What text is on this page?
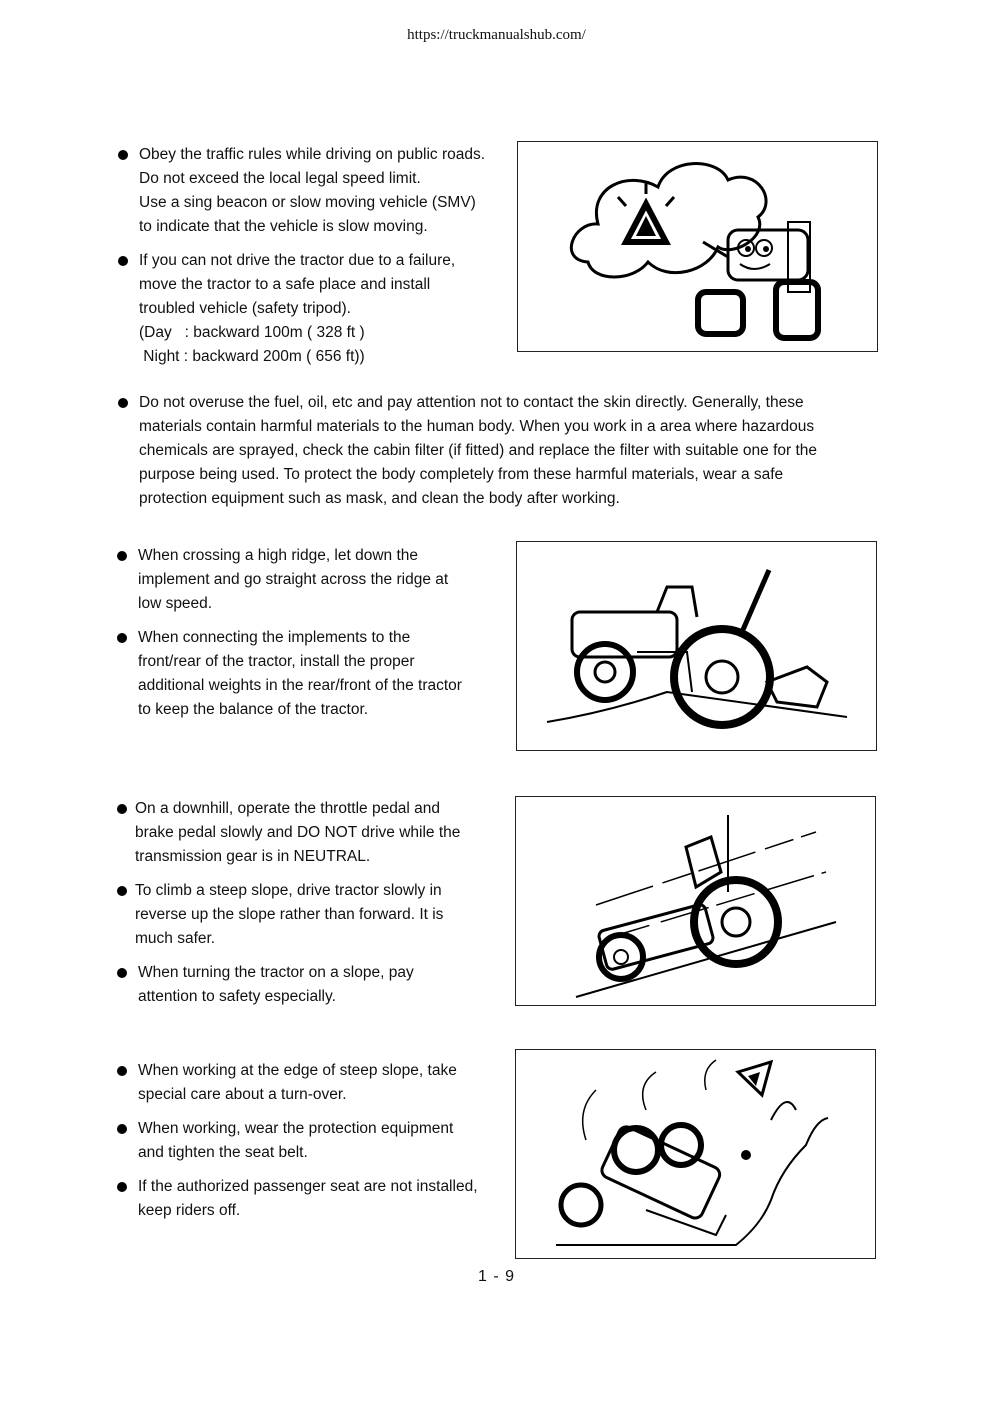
https://truckmanualshub.com/
Obey the traffic rules while driving on public roads.
Do not exceed the local legal speed limit.
Use a sing beacon or slow moving vehicle (SMV)
to indicate that the vehicle is slow moving.
If you can not drive the tractor due to a failure,
move the tractor to a safe place and install
troubled vehicle (safety tripod).
(Day   : backward 100m ( 328 ft )
Night : backward 200m ( 656 ft))
Do not overuse the fuel, oil, etc and pay attention not to contact the skin directly. Generally, these
materials contain harmful materials to the human body. When you work in a area where hazardous
chemicals are sprayed, check the cabin filter (if fitted) and replace the filter with suitable one for the
purpose being used. To protect the body completely from these harmful materials, wear a safe
protection equipment such as mask, and clean the body after working.
When crossing a high ridge, let down the
implement and go straight across the ridge at
low speed.
When connecting the implements to the
front/rear of the tractor, install the proper
additional weights in the rear/front of the tractor
to keep the balance of the tractor.
On a downhill, operate the throttle pedal and
brake pedal slowly and DO NOT drive while the
transmission gear is in NEUTRAL.
To climb a steep slope, drive tractor slowly in
reverse up the slope rather than forward. It is
much safer.
When turning the tractor on a slope, pay
attention to safety especially.
When working at the edge of steep slope, take
special care about a turn-over.
When working, wear the protection equipment
and tighten the seat belt.
If the authorized passenger seat are not installed,
keep riders off.
1 - 9
